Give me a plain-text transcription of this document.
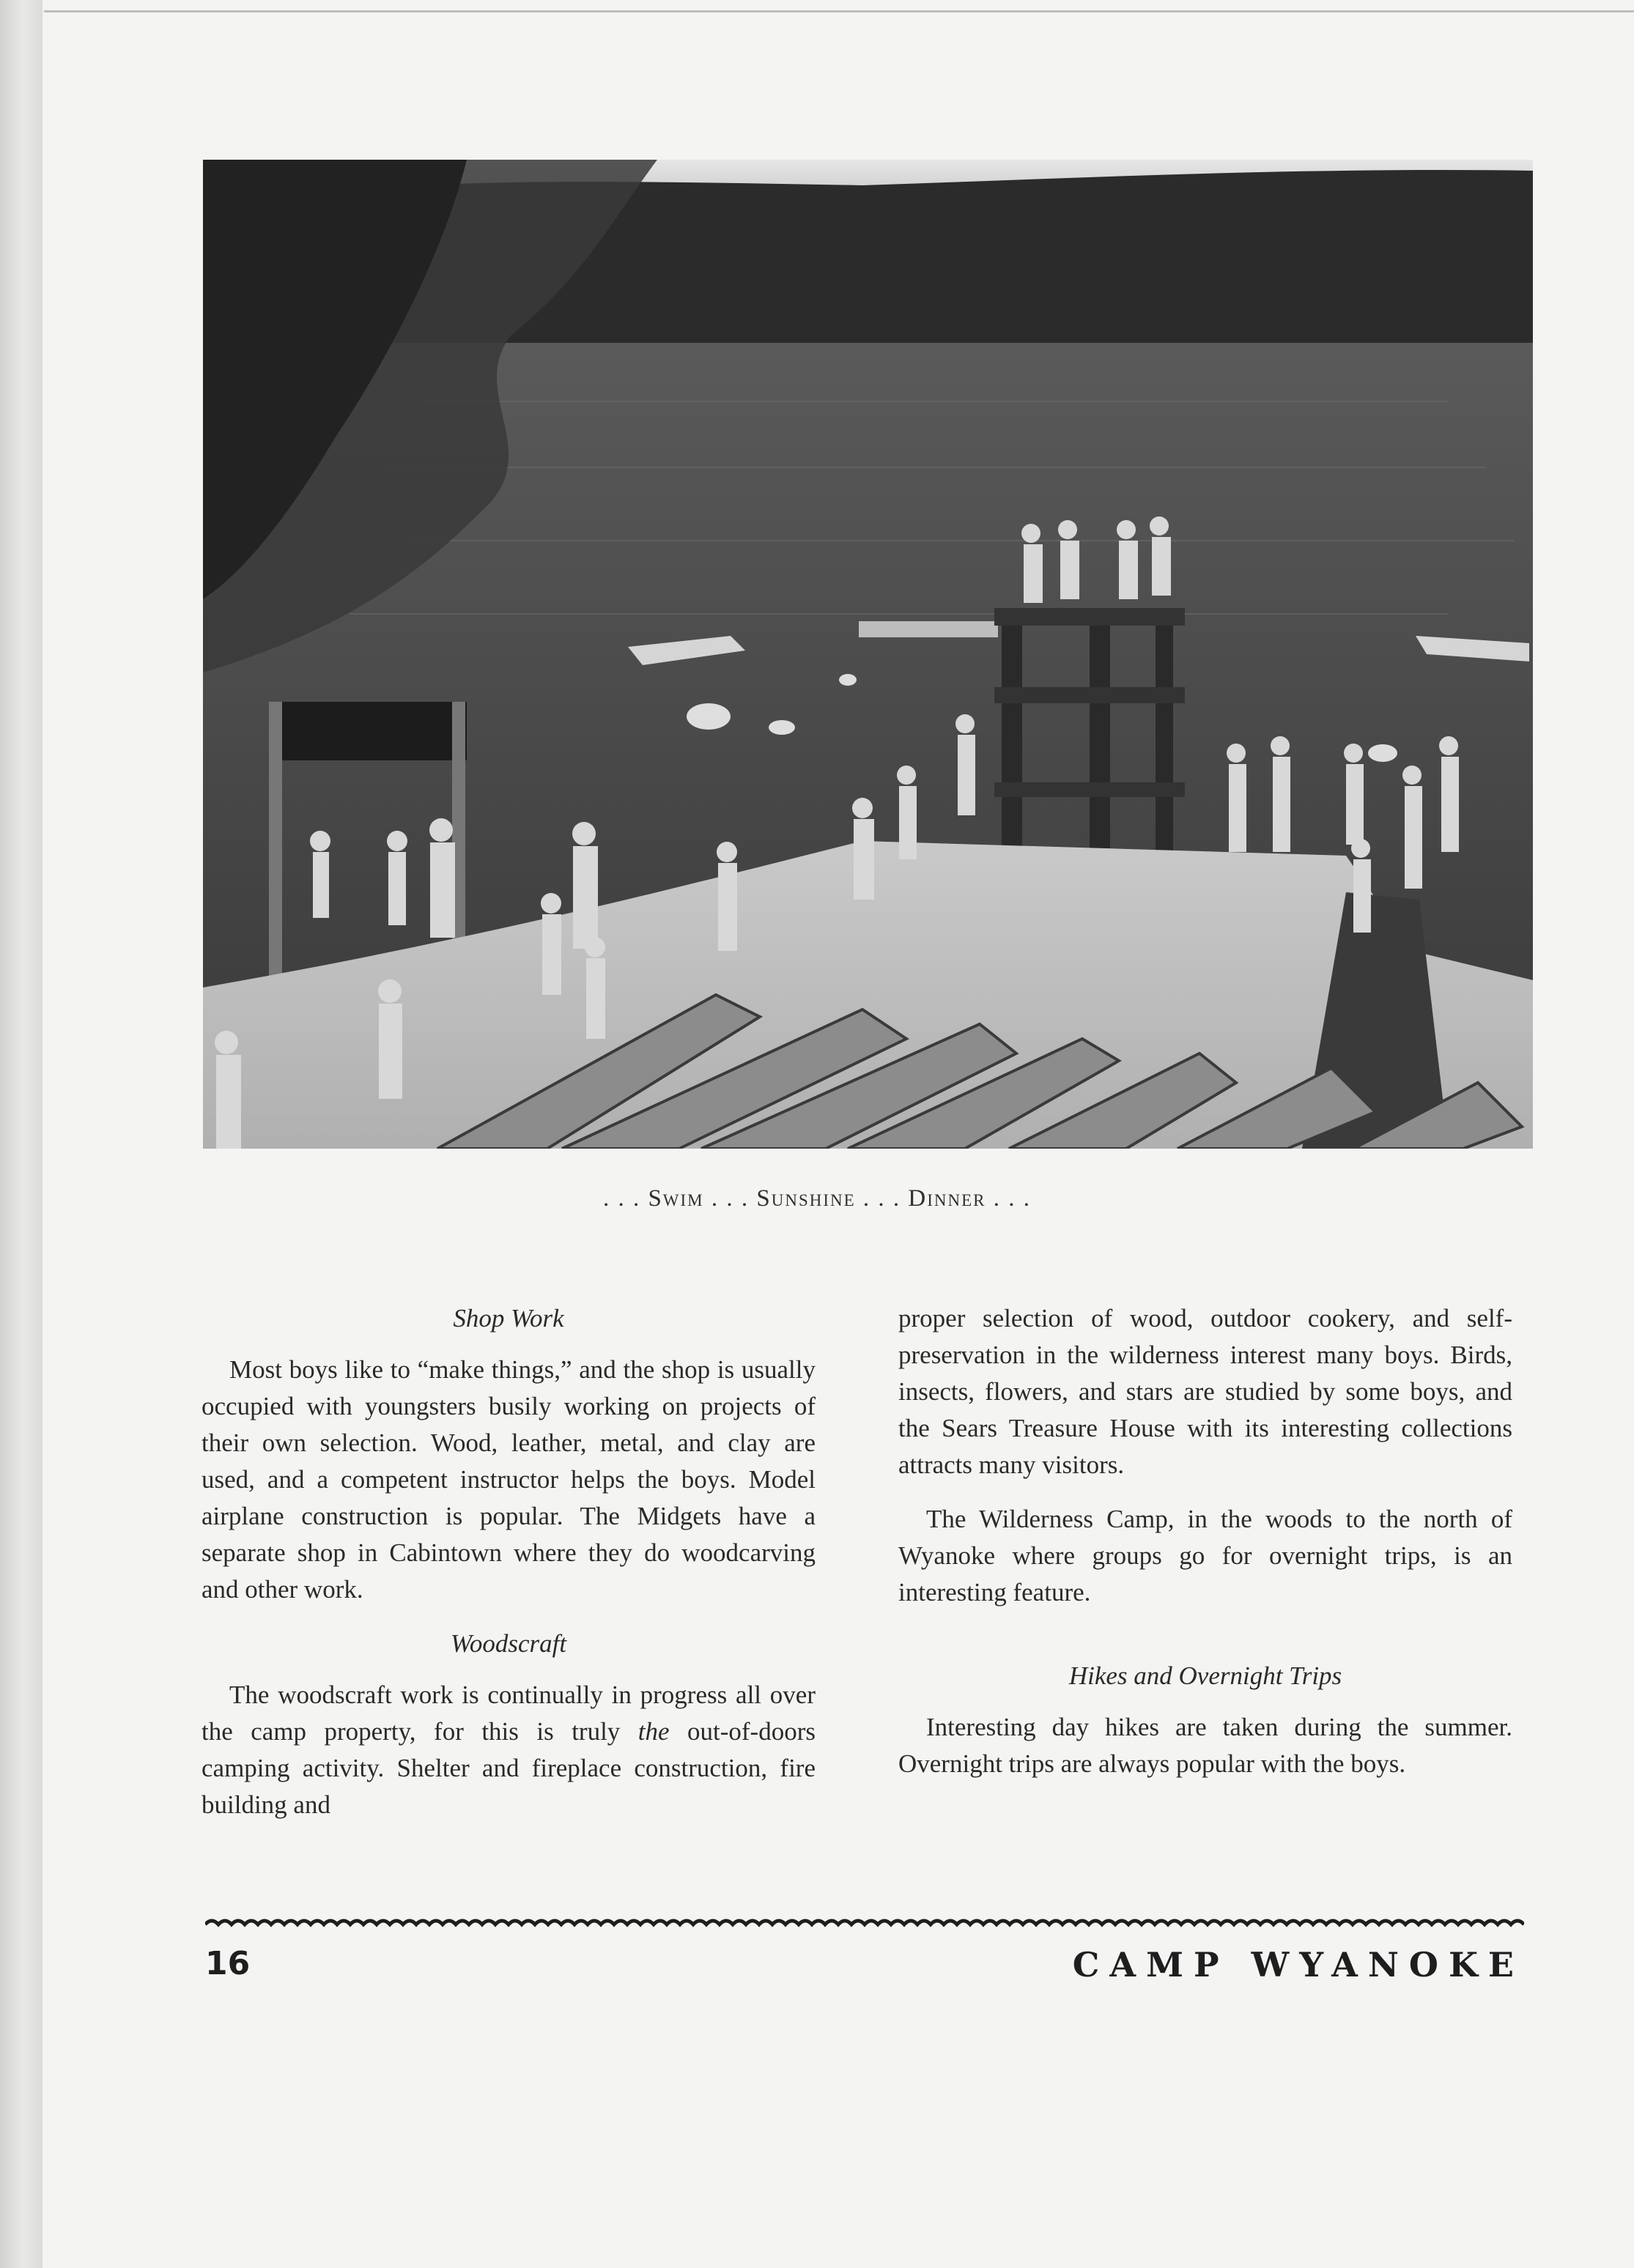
. . . Swim . . . Sunshine . . . Dinner . . .
Shop Work

Most boys like to “make things,” and the shop is usually occupied with youngsters busily working on projects of their own selection. Wood, leather, metal, and clay are used, and a competent instructor helps the boys. Model airplane construction is popular. The Midgets have a separate shop in Cabintown where they do woodcarving and other work.

Woodscraft

The woodscraft work is continually in progress all over the camp property, for this is truly the out-of-doors camping activity. Shelter and fireplace construction, fire building and

proper selection of wood, outdoor cookery, and self-preservation in the wilderness interest many boys. Birds, insects, flowers, and stars are studied by some boys, and the Sears Treasure House with its interesting collections attracts many visitors.

The Wilderness Camp, in the woods to the north of Wyanoke where groups go for overnight trips, is an interesting feature.

Hikes and Overnight Trips

Interesting day hikes are taken during the summer. Overnight trips are always popular with the boys.

16	CAMP WYANOKE
